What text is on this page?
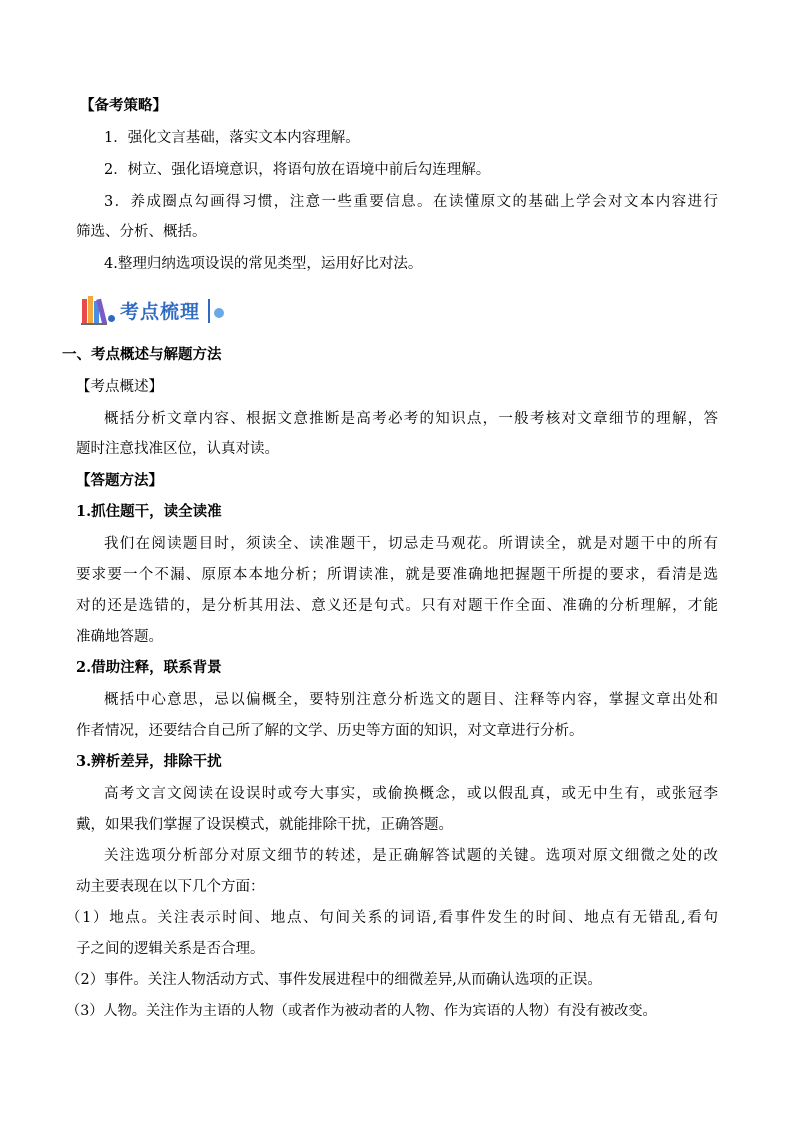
【备考策略】
1．强化文言基础，落实文本内容理解。
2．树立、强化语境意识，将语句放在语境中前后勾连理解。
3．养成圈点勾画得习惯，注意一些重要信息。在读懂原文的基础上学会对文本内容进行
筛选、分析、概括。
4.整理归纳选项设误的常见类型，运用好比对法。
考点梳理
一、考点概述与解题方法
【考点概述】
概括分析文章内容、根据文意推断是高考必考的知识点，一般考核对文章细节的理解，答
题时注意找准区位，认真对读。
【答题方法】
1.抓住题干，读全读准
我们在阅读题目时，须读全、读准题干，切忌走马观花。所谓读全，就是对题干中的所有
要求要一个不漏、原原本本地分析；所谓读准，就是要准确地把握题干所提的要求，看清是选
对的还是选错的，是分析其用法、意义还是句式。只有对题干作全面、准确的分析理解，才能
准确地答题。
2.借助注释，联系背景
概括中心意思，忌以偏概全，要特别注意分析选文的题目、注释等内容，掌握文章出处和
作者情况，还要结合自己所了解的文学、历史等方面的知识，对文章进行分析。
3.辨析差异，排除干扰
高考文言文阅读在设误时或夸大事实，或偷换概念，或以假乱真，或无中生有，或张冠李
戴，如果我们掌握了设误模式，就能排除干扰，正确答题。
关注选项分析部分对原文细节的转述，是正确解答试题的关键。选项对原文细微之处的改
动主要表现在以下几个方面：
（1）地点。关注表示时间、地点、句间关系的词语,看事件发生的时间、地点有无错乱,看句
子之间的逻辑关系是否合理。
（2）事件。关注人物活动方式、事件发展进程中的细微差异,从而确认选项的正误。
（3）人物。关注作为主语的人物（或者作为被动者的人物、作为宾语的人物）有没有被改变。
